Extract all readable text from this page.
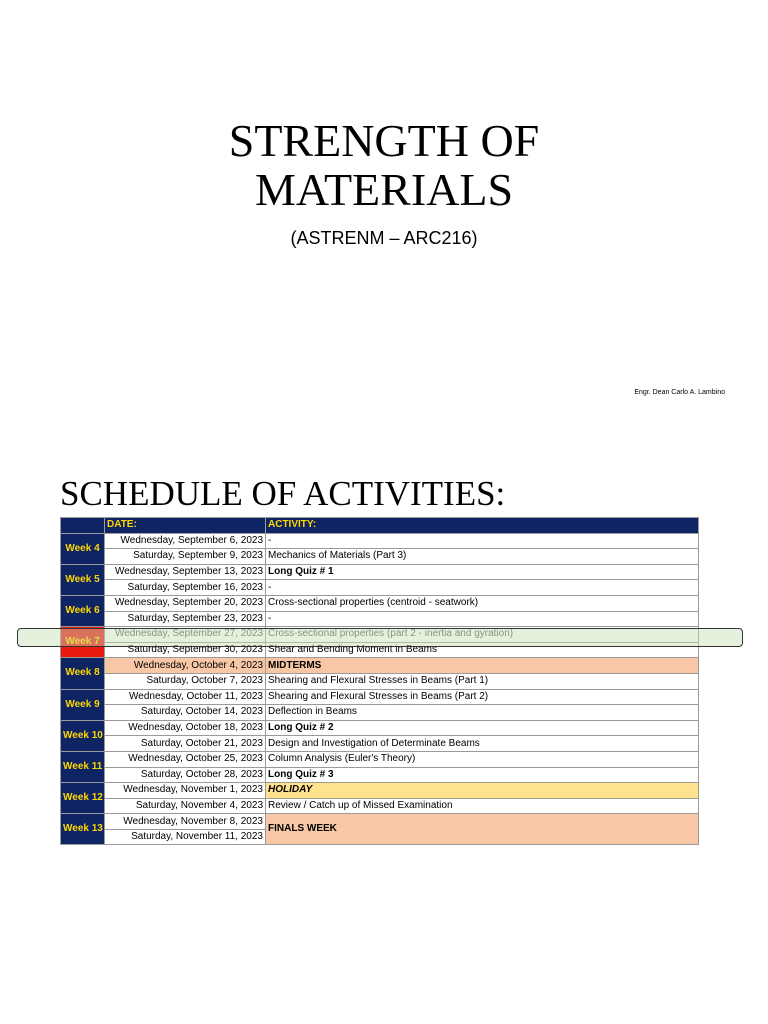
STRENGTH OF
MATERIALS
(ASTRENM – ARC216)
Engr. Dean Carlo A. Lambino
SCHEDULE OF ACTIVITIES:
	DATE:	ACTIVITY:
Week 4	Wednesday, September 6, 2023	-
	Saturday, September 9, 2023	Mechanics of Materials (Part 3)
Week 5	Wednesday, September 13, 2023	Long Quiz # 1
	Saturday, September 16, 2023	-
Week 6	Wednesday, September 20, 2023	Cross-sectional properties (centroid - seatwork)
	Saturday, September 23, 2023	-
Week 7	Wednesday, September 27, 2023	Cross-sectional properties (part 2 - inertia and gyration)
	Saturday, September 30, 2023	Shear and Bending Moment in Beams
Week 8	Wednesday, October 4, 2023	MIDTERMS
	Saturday, October 7, 2023	Shearing and Flexural Stresses in Beams (Part 1)
Week 9	Wednesday, October 11, 2023	Shearing and Flexural Stresses in Beams (Part 2)
	Saturday, October 14, 2023	Deflection in Beams
Week 10	Wednesday, October 18, 2023	Long Quiz # 2
	Saturday, October 21, 2023	Design and Investigation of Determinate Beams
Week 11	Wednesday, October 25, 2023	Column Analysis (Euler's Theory)
	Saturday, October 28, 2023	Long Quiz # 3
Week 12	Wednesday, November 1, 2023	HOLIDAY
	Saturday, November 4, 2023	Review / Catch up of Missed Examination
Week 13	Wednesday, November 8, 2023	FINALS WEEK
	Saturday, November 11, 2023	
